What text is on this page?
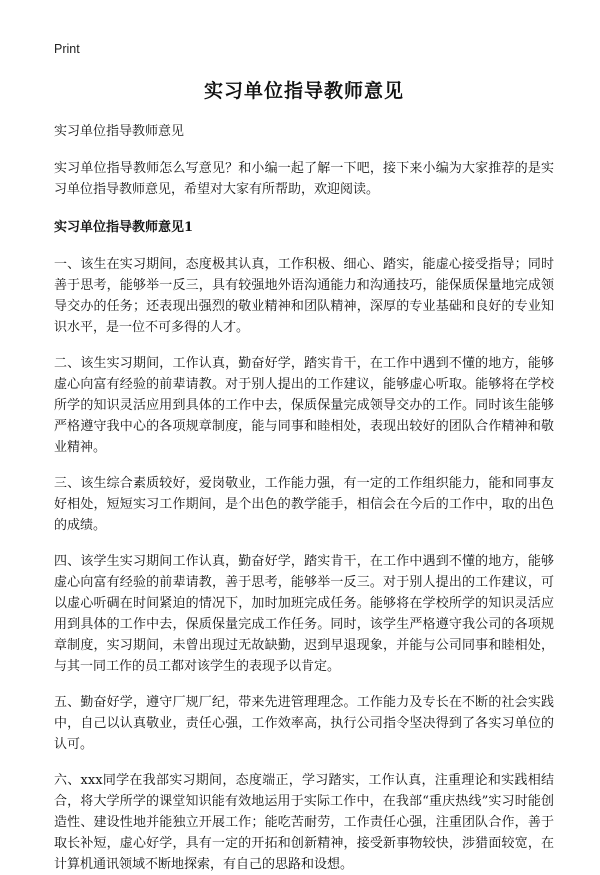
Print

实习单位指导教师意见

实习单位指导教师意见

实习单位指导教师怎么写意见？和小编一起了解一下吧，接下来小编为大家推荐的是实习单位指导教师意见，希望对大家有所帮助，欢迎阅读。

实习单位指导教师意见1

一、该生在实习期间，态度极其认真，工作积极、细心、踏实，能虚心接受指导；同时善于思考，能够举一反三，具有较强地外语沟通能力和沟通技巧，能保质保量地完成领导交办的任务；还表现出强烈的敬业精神和团队精神，深厚的专业基础和良好的专业知识水平，是一位不可多得的人才。

二、该生实习期间，工作认真，勤奋好学，踏实肯干，在工作中遇到不懂的地方，能够虚心向富有经验的前辈请教。对于别人提出的工作建议，能够虚心听取。能够将在学校所学的知识灵活应用到具体的工作中去，保质保量完成领导交办的工作。同时该生能够严格遵守我中心的各项规章制度，能与同事和睦相处，表现出较好的团队合作精神和敬业精神。

三、该生综合素质较好，爱岗敬业，工作能力强，有一定的工作组织能力，能和同事友好相处，短短实习工作期间，是个出色的教学能手，相信会在今后的工作中，取的出色的成绩。

四、该学生实习期间工作认真，勤奋好学，踏实肯干，在工作中遇到不懂的地方，能够虚心向富有经验的前辈请教，善于思考，能够举一反三。对于别人提出的工作建议，可以虚心听碉在时间紧迫的情况下，加时加班完成任务。能够将在学校所学的知识灵活应用到具体的工作中去，保质保量完成工作任务。同时，该学生严格遵守我公司的各项规章制度，实习期间，未曾出现过无故缺勤，迟到早退现象，并能与公司同事和睦相处，与其一同工作的员工都对该学生的表现予以肯定。

五、勤奋好学，遵守厂规厂纪，带来先进管理理念。工作能力及专长在不断的社会实践中，自己以认真敬业，责任心强，工作效率高，执行公司指令坚决得到了各实习单位的认可。

六、xxx同学在我部实习期间，态度端正，学习踏实，工作认真，注重理论和实践相结合，将大学所学的课堂知识能有效地运用于实际工作中，在我部“重庆热线”实习时能创造性、建设性地并能独立开展工作；能吃苦耐劳，工作责任心强，注重团队合作，善于取长补短，虚心好学，具有一定的开拓和创新精神，接受新事物较快，涉猎面较宽，在计算机通讯领域不断地探索，有自己的思路和设想。
